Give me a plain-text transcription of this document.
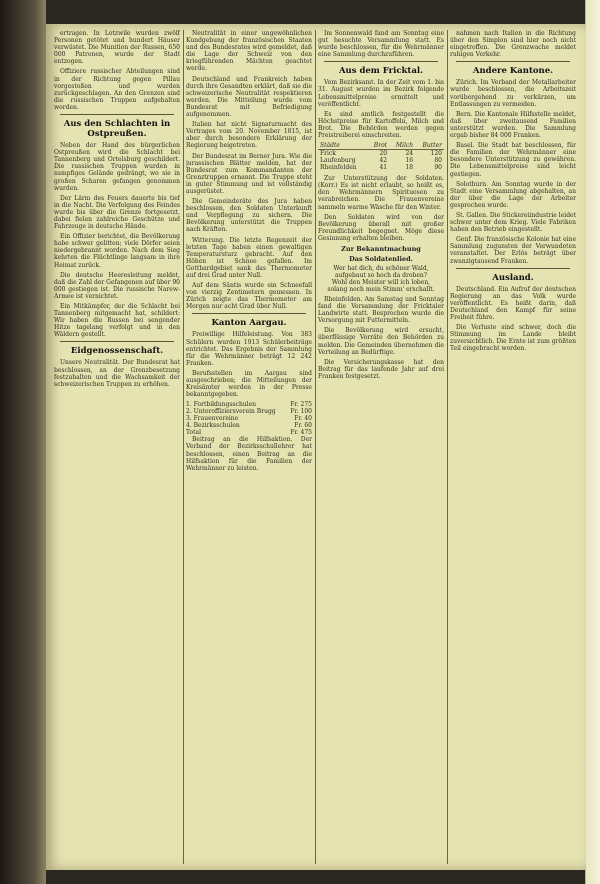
ertragen. In Lotzwile wurden zwölf Personen getötet und hundert Häuser verwüstet. Die Munition der Russen, 650 000 Patronen, wurde der Stadt entzogen.

Offiziere russischer Abteilungen sind in der Richtung gegen Pillau vorgestoßen und wurden zurückgeschlagen. An den Grenzen sind die russischen Truppen aufgehalten worden.

Aus den Schlachten in Ostpreußen.

Neben der Hand des bürgerlichen Ostpreußen wird die Schlacht bei Tannenberg und Ortelsburg geschildert. Die russischen Truppen wurden in sumpfiges Gelände gedrängt, wo sie in großen Scharen gefangen genommen wurden.

Der Lärm des Feuers dauerte bis tief in die Nacht. Die Verfolgung des Feindes wurde bis über die Grenze fortgesetzt, dabei fielen zahlreiche Geschütze und Fahrzeuge in deutsche Hände.

Ein Offizier berichtet, die Bevölkerung habe schwer gelitten; viele Dörfer seien niedergebrannt worden. Nach dem Sieg kehrten die Flüchtlinge langsam in ihre Heimat zurück.

Die deutsche Heeresleitung meldet, daß die Zahl der Gefangenen auf über 90 000 gestiegen ist. Die russische Narew-Armee ist vernichtet.

Ein Mitkämpfer, der die Schlacht bei Tannenberg mitgemacht hat, schildert: Wir haben die Russen bei sengender Hitze tagelang verfolgt und in den Wäldern gestellt.

Eidgenossenschaft.

Unsere Neutralität. Der Bundesrat hat beschlossen, an der Grenzbesetzung festzuhalten und die Wachsamkeit der schweizerischen Truppen zu erhöhen.

Neutralität in einer ungewöhnlichen Kundgebung der französischen Staaten und des Bundesrates wird gemeldet, daß die Lage der Schweiz von den kriegführenden Mächten geachtet werde.

Deutschland und Frankreich haben durch ihre Gesandten erklärt, daß sie die schweizerische Neutralität respektieren werden. Die Mitteilung wurde vom Bundesrat mit Befriedigung aufgenommen.

Italien hat nicht Signaturmacht des Vertrages vom 20. November 1815, ist aber durch besondere Erklärung der Regierung beigetreten.

Der Bundesrat im Berner Jura. Wie die jurassischen Blätter melden, hat der Bundesrat zum Kommandanten der Grenztruppen ernannt. Die Truppe steht in guter Stimmung und ist vollständig ausgerüstet.

Die Gemeinderäte des Jura haben beschlossen, den Soldaten Unterkunft und Verpflegung zu sichern. Die Bevölkerung unterstützt die Truppen nach Kräften.

Witterung. Die letzte Regenzeit der letzten Tage haben einen gewaltigen Temperatursturz gebracht. Auf den Höhen ist Schnee gefallen. Im Gotthardgebiet sank das Thermometer auf drei Grad unter Null.

Auf dem Säntis wurde ein Schneefall von vierzig Zentimetern gemessen. In Zürich zeigte das Thermometer am Morgen nur acht Grad über Null.

Kanton Aargau.

Freiwillige Hilfeleistung. Von 383 Schülern wurden 1913 Schülerbeiträge entrichtet. Das Ergebnis der Sammlung für die Wehrmänner beträgt 12 242 Franken.

Berufsstellen im Aargau sind ausgeschrieben; die Mitteilungen der Kreisämter werden in der Presse bekanntgegeben.

1. Fortbildungsschulen	Fr. 275
2. Unteroffiziersverein Brugg Fr. 100
3. Frauenvereine	Fr. 40
4. Bezirksschulen	Fr. 60
Total	Fr. 475

Beitrag an die Hilfsaktion. Der Verband der Bezirksschullehrer hat beschlossen, einen Beitrag an die Hilfsaktion für die Familien der Wehrmänner zu leisten.

Im Sonnenwald fand am Sonntag eine gut besuchte Versammlung statt. Es wurde beschlossen, für die Wehrmänner eine Sammlung durchzuführen.

Aus dem Fricktal.

Vom Bezirksamt. In der Zeit vom 1. bis 31. August wurden im Bezirk folgende Lebensmittelpreise ermittelt und veröffentlicht.

Es sind amtlich festgestellt die Höchstpreise für Kartoffeln, Milch und Brot. Die Behörden werden gegen Preistreiberei einschreiten.

Städte	Brot	Milch	Butter
Frick	20	24	120
Laufenburg	42	16	80
Rheinfelden	41	18	90

Zur Unterstützung der Soldaten. (Korr.) Es ist nicht erlaubt, so heißt es, den Wehrmännern Spirituosen zu verabreichen. Die Frauenvereine sammeln warme Wäsche für den Winter.

Den Soldaten wird von der Bevölkerung überall mit großer Freundlichkeit begegnet. Möge diese Gesinnung erhalten bleiben.

Zur Bekanntmachung
Das Soldatenlied.
Wer hat dich, du schöner Wald,
aufgebaut so hoch da droben?
Wohl den Meister will ich loben,
solang noch mein Stimm' erschallt.

Rheinfelden. Am Samstag und Sonntag fand die Versammlung der Fricktaler Landwirte statt. Besprochen wurde die Versorgung mit Futtermitteln.

Die Bevölkerung wird ersucht, überflüssige Vorräte den Behörden zu melden. Die Gemeinden übernehmen die Verteilung an Bedürftige.

Die Versicherungskasse hat den Beitrag für das laufende Jahr auf drei Franken festgesetzt.

nahmen nach Italien in die Richtung über den Simplon sind hier noch nicht eingetroffen. Die Grenzwache meldet ruhigen Verkehr.

Andere Kantone.

Zürich. Im Verband der Metallarbeiter wurde beschlossen, die Arbeitszeit vorübergehend zu verkürzen, um Entlassungen zu vermeiden.

Bern. Die Kantonale Hilfsstelle meldet, daß über zweitausend Familien unterstützt wurden. Die Sammlung ergab bisher 84 000 Franken.

Basel. Die Stadt hat beschlossen, für die Familien der Wehrmänner eine besondere Unterstützung zu gewähren. Die Lebensmittelpreise sind leicht gestiegen.

Solothurn. Am Sonntag wurde in der Stadt eine Versammlung abgehalten, an der über die Lage der Arbeiter gesprochen wurde.

St. Gallen. Die Stickereiindustrie leidet schwer unter dem Krieg. Viele Fabriken haben den Betrieb eingestellt.

Genf. Die französische Kolonie hat eine Sammlung zugunsten der Verwundeten veranstaltet. Der Erlös beträgt über zwanzigtausend Franken.

Ausland.

Deutschland. Ein Aufruf der deutschen Regierung an das Volk wurde veröffentlicht. Es heißt darin, daß Deutschland den Kampf für seine Freiheit führe.

Die Verluste sind schwer, doch die Stimmung im Lande bleibt zuversichtlich. Die Ernte ist zum größten Teil eingebracht worden.
